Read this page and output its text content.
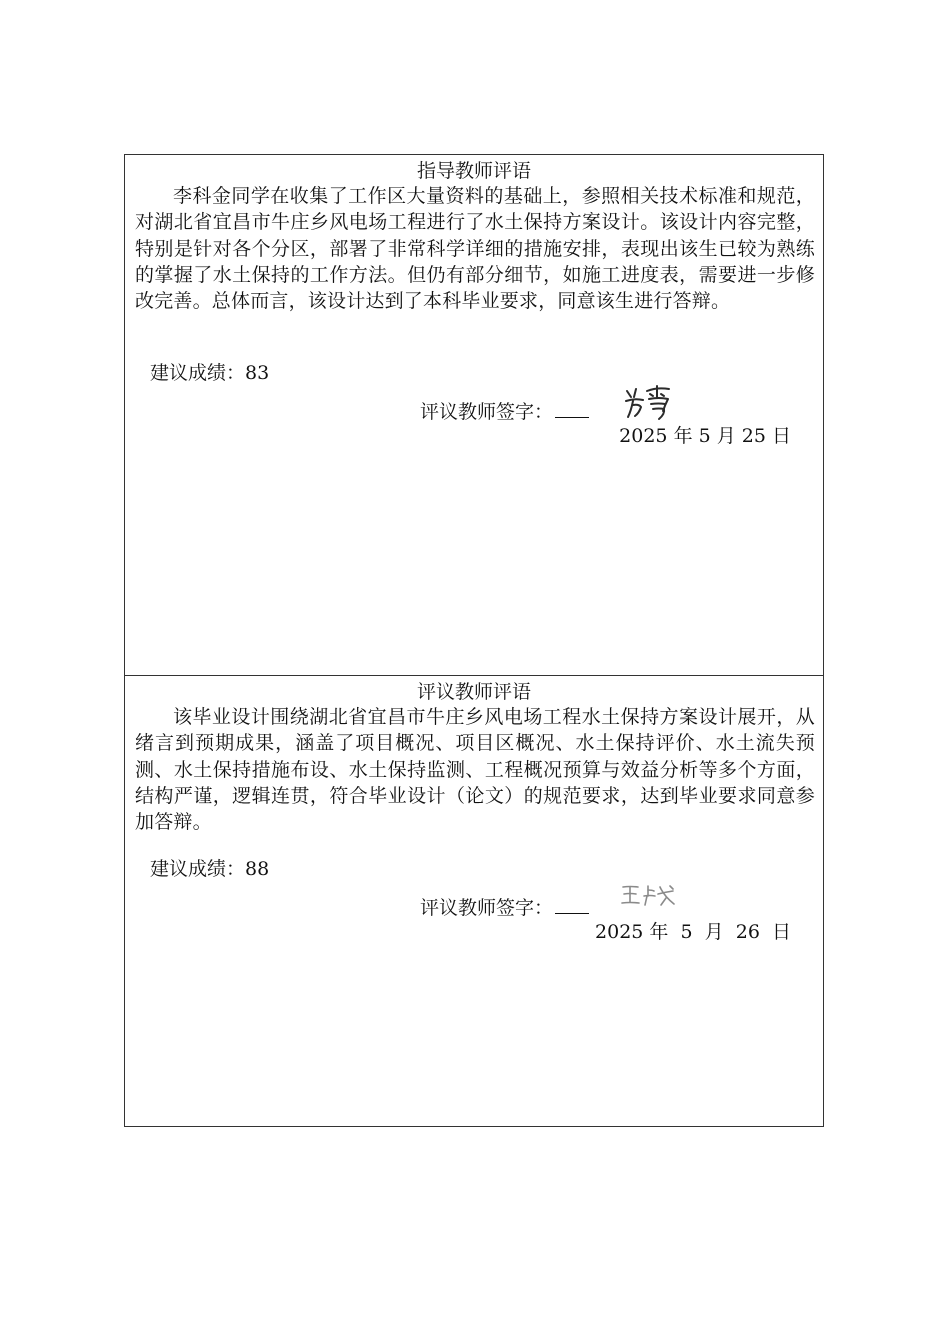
指导教师评语

李科金同学在收集了工作区大量资料的基础上，参照相关技术标准和规范，对湖北省宜昌市牛庄乡风电场工程进行了水土保持方案设计。该设计内容完整，特别是针对各个分区，部署了非常科学详细的措施安排，表现出该生已较为熟练的掌握了水土保持的工作方法。但仍有部分细节，如施工进度表，需要进一步修改完善。总体而言，该设计达到了本科毕业要求，同意该生进行答辩。

建议成绩：83
评议教师签字：
2025 年 5 月 25 日
评议教师评语

该毕业设计围绕湖北省宜昌市牛庄乡风电场工程水土保持方案设计展开，从绪言到预期成果，涵盖了项目概况、项目区概况、水土保持评价、水土流失预测、水土保持措施布设、水土保持监测、工程概况预算与效益分析等多个方面，结构严谨，逻辑连贯，符合毕业设计（论文）的规范要求，达到毕业要求同意参加答辩。

建议成绩：88
评议教师签字：
2025 年  5  月  26  日
